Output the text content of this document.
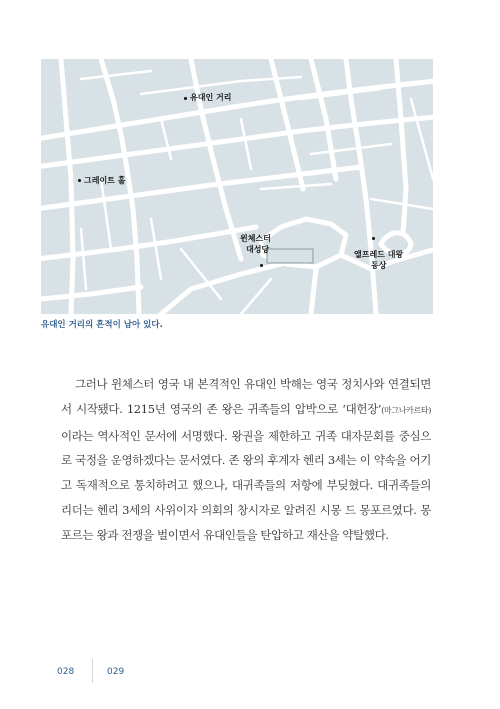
유대인 거리
그레이트 홀
윈체스터
대성당
앨프레드 대왕
동상
유대인 거리의 흔적이 남아 있다.

그러나 윈체스터 영국 내 본격적인 유대인 박해는 영국 정치사와 연결되면서 시작됐다. 1215년 영국의 존 왕은 귀족들의 압박으로 ‘대헌장’(마그나카르타)이라는 역사적인 문서에 서명했다. 왕권을 제한하고 귀족 대자문회를 중심으로 국정을 운영하겠다는 문서였다. 존 왕의 후계자 헨리 3세는 이 약속을 어기고 독재적으로 통치하려고 했으나, 대귀족들의 저항에 부딪혔다. 대귀족들의 리더는 헨리 3세의 사위이자 의회의 창시자로 알려진 시몽 드 몽포르였다. 몽포르는 왕과 전쟁을 벌이면서 유대인들을 탄압하고 재산을 약탈했다.

028	029
